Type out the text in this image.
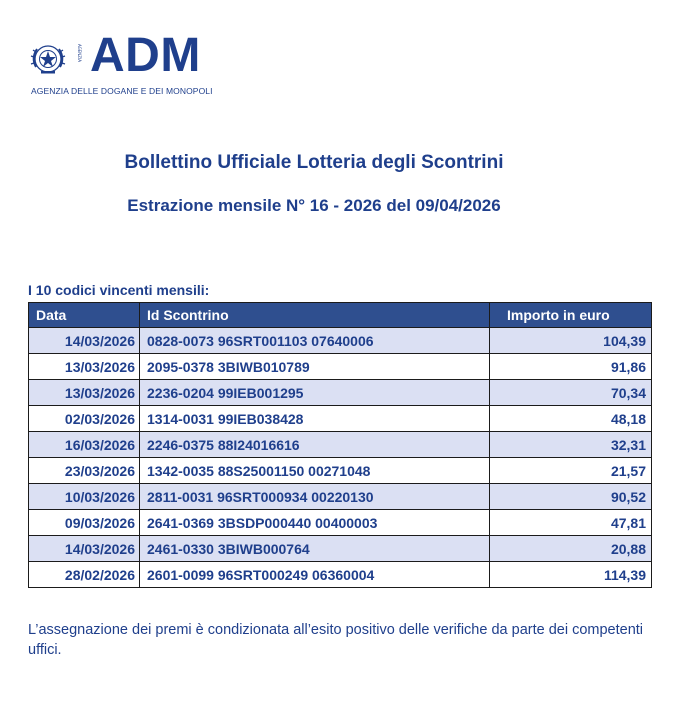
AGENZIA ADM
AGENZIA DELLE DOGANE E DEI MONOPOLI
Bollettino Ufficiale Lotteria degli Scontrini
Estrazione mensile N° 16 - 2026 del 09/04/2026
I 10 codici vincenti mensili:
Data	Id Scontrino	Importo in euro
14/03/2026	0828-0073 96SRT001103 07640006	104,39
13/03/2026	2095-0378 3BIWB010789	91,86
13/03/2026	2236-0204 99IEB001295	70,34
02/03/2026	1314-0031 99IEB038428	48,18
16/03/2026	2246-0375 88I24016616	32,31
23/03/2026	1342-0035 88S25001150 00271048	21,57
10/03/2026	2811-0031 96SRT000934 00220130	90,52
09/03/2026	2641-0369 3BSDP000440 00400003	47,81
14/03/2026	2461-0330 3BIWB000764	20,88
28/02/2026	2601-0099 96SRT000249 06360004	114,39
L’assegnazione dei premi è condizionata all’esito positivo delle verifiche da parte dei competenti uffici.
